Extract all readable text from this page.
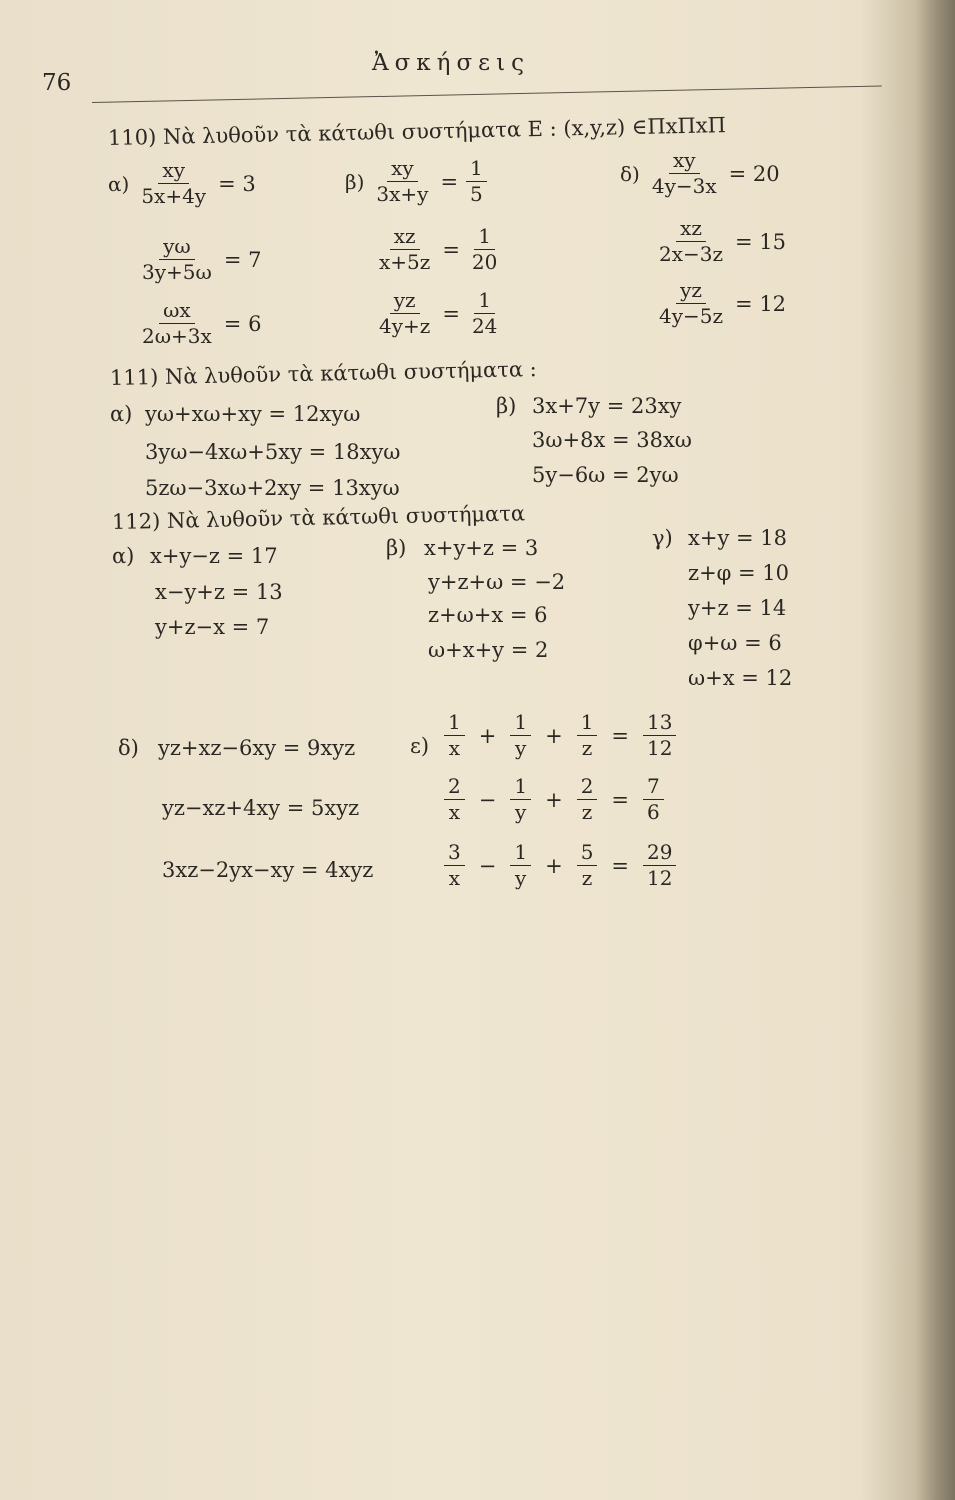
76
Ἀσκήσεις
110) Νὰ λυθοῦν τὰ κάτωθι συστήματα Ε : (x,y,z) ∈ΠxΠxΠ
$\alpha) \frac{xy}{5x+4y} = 3$
$\frac{y\omega}{3y+5\omega} = 7$
$\frac{\omega x}{2\omega+3x} = 6$
$\beta) \frac{xy}{3x+y} = \frac{1}{5}$
$\frac{xz}{x+5z} = \frac{1}{20}$
$\frac{yz}{4y+z} = \frac{1}{24}$
$\delta) \frac{xy}{4y-3x} = 20$
$\frac{xz}{2x-3z} = 15$
$\frac{yz}{4y-5z} = 12$
111) Νὰ λυθοῦν τὰ κάτωθι συστήματα :
α) yω+xω+xy = 12xyω
3yω−4xω+5xy = 18xyω
5zω−3xω+2xy = 13xyω
β) 3x+7y = 23xy
3ω+8x = 38xω
5y−6ω = 2yω
112) Νὰ λυθοῦν τὰ κάτωθι συστήματα
α) x+y−z = 17
x−y+z = 13
y+z−x = 7
β) x+y+z = 3
y+z+ω = −2
z+ω+x = 6
ω+x+y = 2
γ) x+y = 18
z+φ = 10
y+z = 14
φ+ω = 6
ω+x = 12
δ) yz+xz−6xy = 9xyz
yz−xz+4xy = 5xyz
3xz−2yx−xy = 4xyz
$\varepsilon) \frac{1}{x} + \frac{1}{y} + \frac{1}{z} = \frac{13}{12}$
$\frac{2}{x} - \frac{1}{y} + \frac{2}{z} = \frac{7}{6}$
$\frac{3}{x} - \frac{1}{y} + \frac{5}{z} = \frac{29}{12}$
